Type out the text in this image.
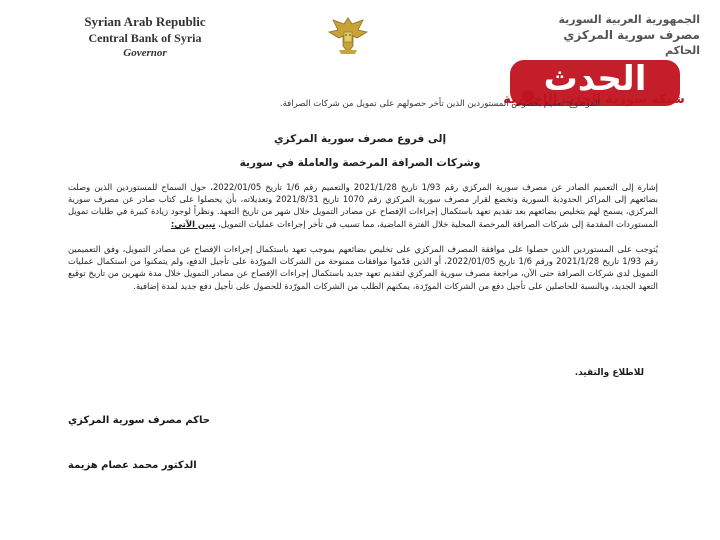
Syrian Arab Republic
Central Bank of Syria
Governor
الجمهورية العربية السورية
مصرف سورية المركزي
الحاكم
الحدث
شبكة سورية الحدث الإخبارية
الموضوع: تعميم بخصوص المستوردين الذين تأخر حصولهم على تمويل من شركات الصرافة.
إلى فروع مصرف سورية المركزي
وشركات الصرافة المرخصة والعاملة في سورية
إشارة إلى التعميم الصادر عن مصرف سورية المركزي رقم 1/93 تاريخ 2021/1/28 والتعميم رقم 1/6 تاريخ 2022/01/05، حول السماح للمستوردين الذين وصلت بضائعهم إلى المراكز الحدودية السورية وتخضع لقرار مصرف سورية المركزي رقم 1070 تاريخ 2021/8/31 وتعديلاته، بأن يحصلوا على كتاب صادر عن مصرف سورية المركزي، يسمح لهم بتخليص بضائعهم بعد تقديم تعهد باستكمال إجراءات الإفصاح عن مصادر التمويل خلال شهر من تاريخ التعهد. ونظراً لوجود زيادة كبيرة في طلبات تمويل المستوردات المقدمة إلى شركات الصرافة المرخصة المحلية خلال الفترة الماضية، مما تسبب في تأخر إجراءات عمليات التمويل، نبين الآتي:
يُتوجب على المستوردين الذين حصلوا على موافقة المصرف المركزي على تخليص بضائعهم بموجب تعهد باستكمال إجراءات الإفصاح عن مصادر التمويل، وفق التعميمين رقم 1/93 تاريخ 2021/1/28 ورقم 1/6 تاريخ 2022/01/05، أو الذين قدّموا موافقات ممنوحة من الشركات المورّدة على تأجيل الدفع، ولم يتمكنوا من استكمال عمليات التمويل لدى شركات الصرافة حتى الآن، مراجعة مصرف سورية المركزي لتقديم تعهد جديد باستكمال إجراءات الإفصاح عن مصادر التمويل خلال مدة شهرين من تاريخ توقيع التعهد الجديد، وبالنسبة للحاصلين على تأجيل دفع من الشركات المورّدة، يمكنهم الطلب من الشركات المورّدة للحصول على تأجيل دفع جديد لمدة إضافية.
للاطلاع والتقيد.
حاكم مصرف سورية المركزي
الدكتور محمد عصام هزيمة
